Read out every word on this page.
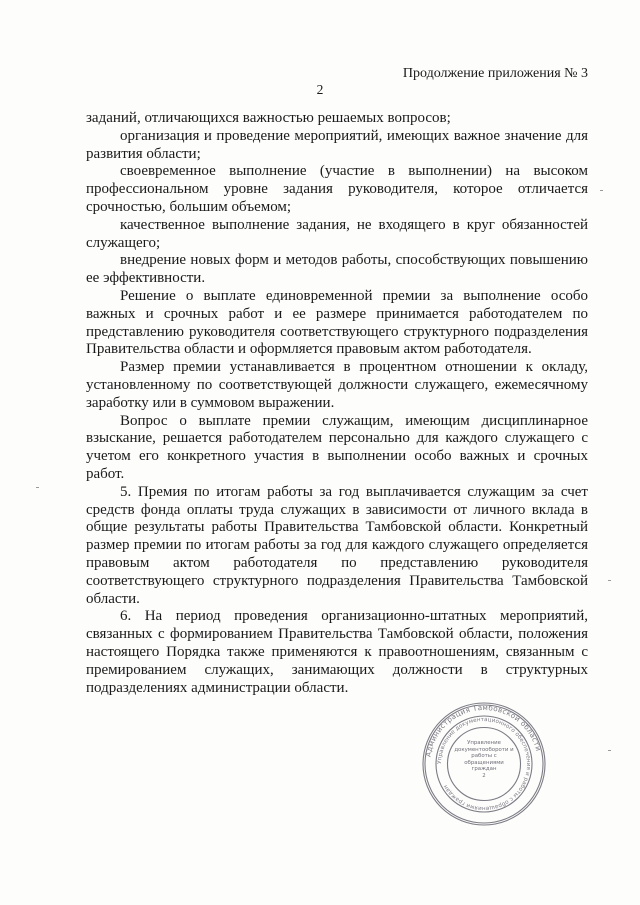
Продолжение приложения № 3
2

заданий, отличающихся важностью решаемых вопросов;

организация и проведение мероприятий, имеющих важное значение для развития области;

своевременное выполнение (участие в выполнении) на высоком профессиональном уровне задания руководителя, которое отличается срочностью, большим объемом;

качественное выполнение задания, не входящего в круг обязанностей служащего;

внедрение новых форм и методов работы, способствующих повышению ее эффективности.

Решение о выплате единовременной премии за выполнение особо важных и срочных работ и ее размере принимается работодателем по представлению руководителя соответствующего структурного подразделения Правительства области и оформляется правовым актом работодателя.

Размер премии устанавливается в процентном отношении к окладу, установленному по соответствующей должности служащего, ежемесячному заработку или в суммовом выражении.

Вопрос о выплате премии служащим, имеющим дисциплинарное взыскание, решается работодателем персонально для каждого служащего с учетом его конкретного участия в выполнении особо важных и срочных работ.

5. Премия по итогам работы за год выплачивается служащим за счет средств фонда оплаты труда служащих в зависимости от личного вклада в общие результаты работы Правительства Тамбовской области. Конкретный размер премии по итогам работы за год для каждого служащего определяется правовым актом работодателя по представлению руководителя соответствующего структурного подразделения Правительства Тамбовской области.

6. На период проведения организационно-штатных мероприятий, связанных с формированием Правительства Тамбовской области, положения настоящего Порядка также применяются к правоотношениям, связанным с премированием служащих, занимающих должности в структурных подразделениях администрации области.

Администрация Тамбовской области
Управление документационного обеспечения и работы с обращениями граждан
Управление документообороти и работы с обращениями граждан
2
